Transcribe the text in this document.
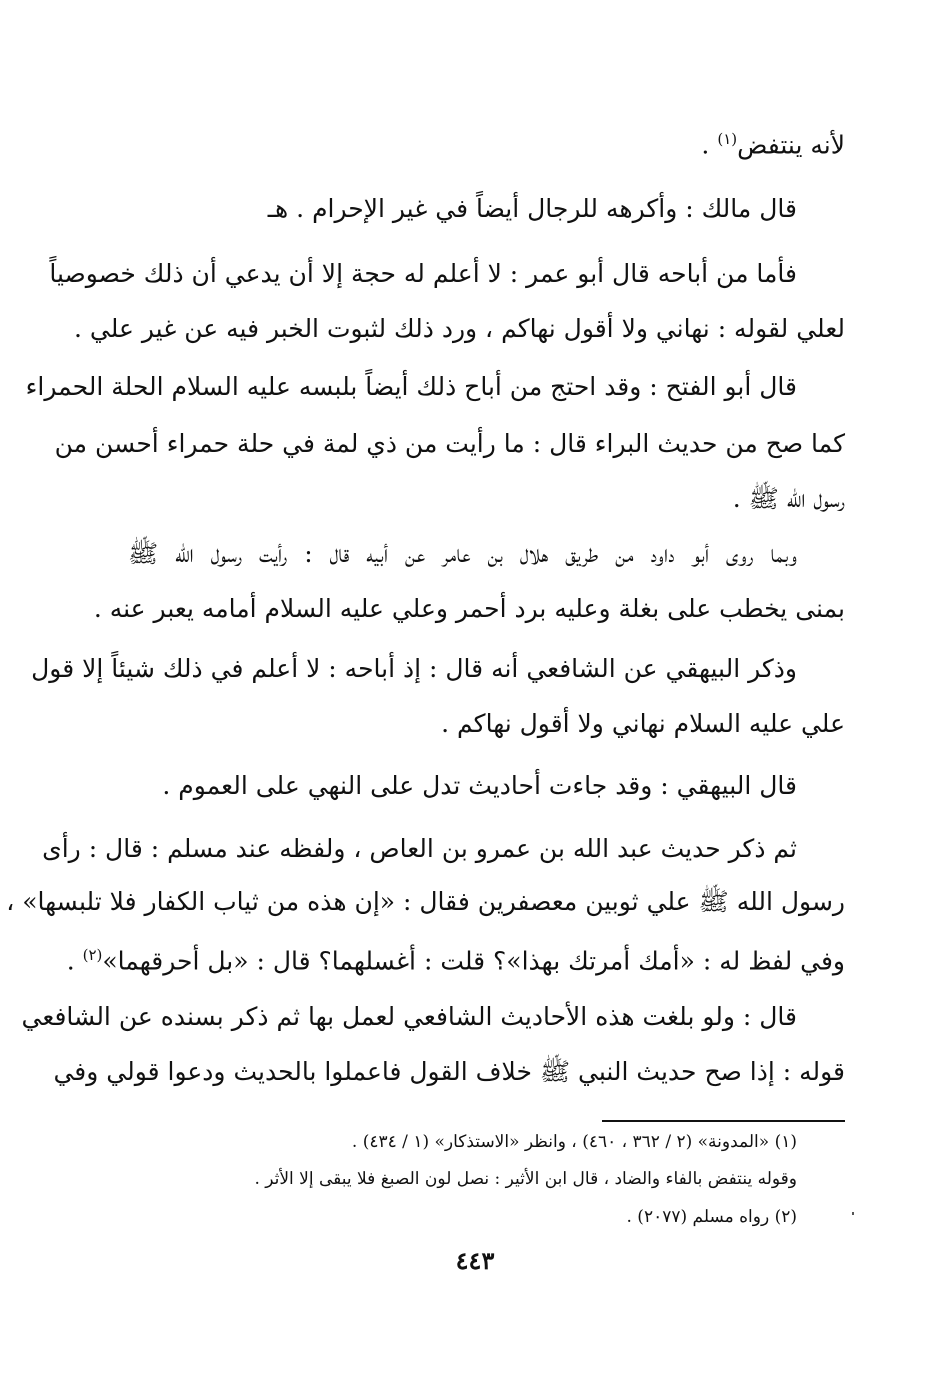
لأنه ينتفض$^{(١)}$ .
قال مالك : وأكرهه للرجال أيضاً في غير الإحرام . هـ
فأما من أباحه قال أبو عمر : لا أعلم له حجة إلا أن يدعي أن ذلك خصوصياً
لعلي لقوله : نهاني ولا أقول نهاكم ، ورد ذلك لثبوت الخبر فيه عن غير علي .
قال أبو الفتح : وقد احتج من أباح ذلك أيضاً بلبسه عليه السلام الحلة الحمراء
كما صح من حديث البراء قال : ما رأيت من ذي لمة في حلة حمراء أحسن من
رسول الله ﷺ .
وبما روى أبو داود من طريق هلال بن عامر عن أبيه قال : رأيت رسول الله ﷺ
بمنى يخطب على بغلة وعليه برد أحمر وعلي عليه السلام أمامه يعبر عنه .
وذكر البيهقي عن الشافعي أنه قال : إذ أباحه : لا أعلم في ذلك شيئاً إلا قول
علي عليه السلام نهاني ولا أقول نهاكم .
قال البيهقي : وقد جاءت أحاديث تدل على النهي على العموم .
ثم ذكر حديث عبد الله بن عمرو بن العاص ، ولفظه عند مسلم : قال : رأى
رسول الله ﷺ علي ثوبين معصفرين فقال : «إن هذه من ثياب الكفار فلا تلبسها» ،
وفي لفظ له : «أمك أمرتك بهذا»؟ قلت : أغسلهما؟ قال : «بل أحرقهما»$^{(٢)}$ .
قال : ولو بلغت هذه الأحاديث الشافعي لعمل بها ثم ذكر بسنده عن الشافعي
قوله : إذا صح حديث النبي ﷺ خلاف القول فاعملوا بالحديث ودعوا قولي وفي
(١) «المدونة» (٢ / ٣٦٢ ، ٤٦٠) ، وانظر «الاستذكار» (١ / ٤٣٤) .
وقوله ينتفض بالفاء والضاد ، قال ابن الأثير : نصل لون الصبغ فلا يبقى إلا الأثر .
(٢) رواه مسلم (٢٠٧٧) .
٤٤٣
